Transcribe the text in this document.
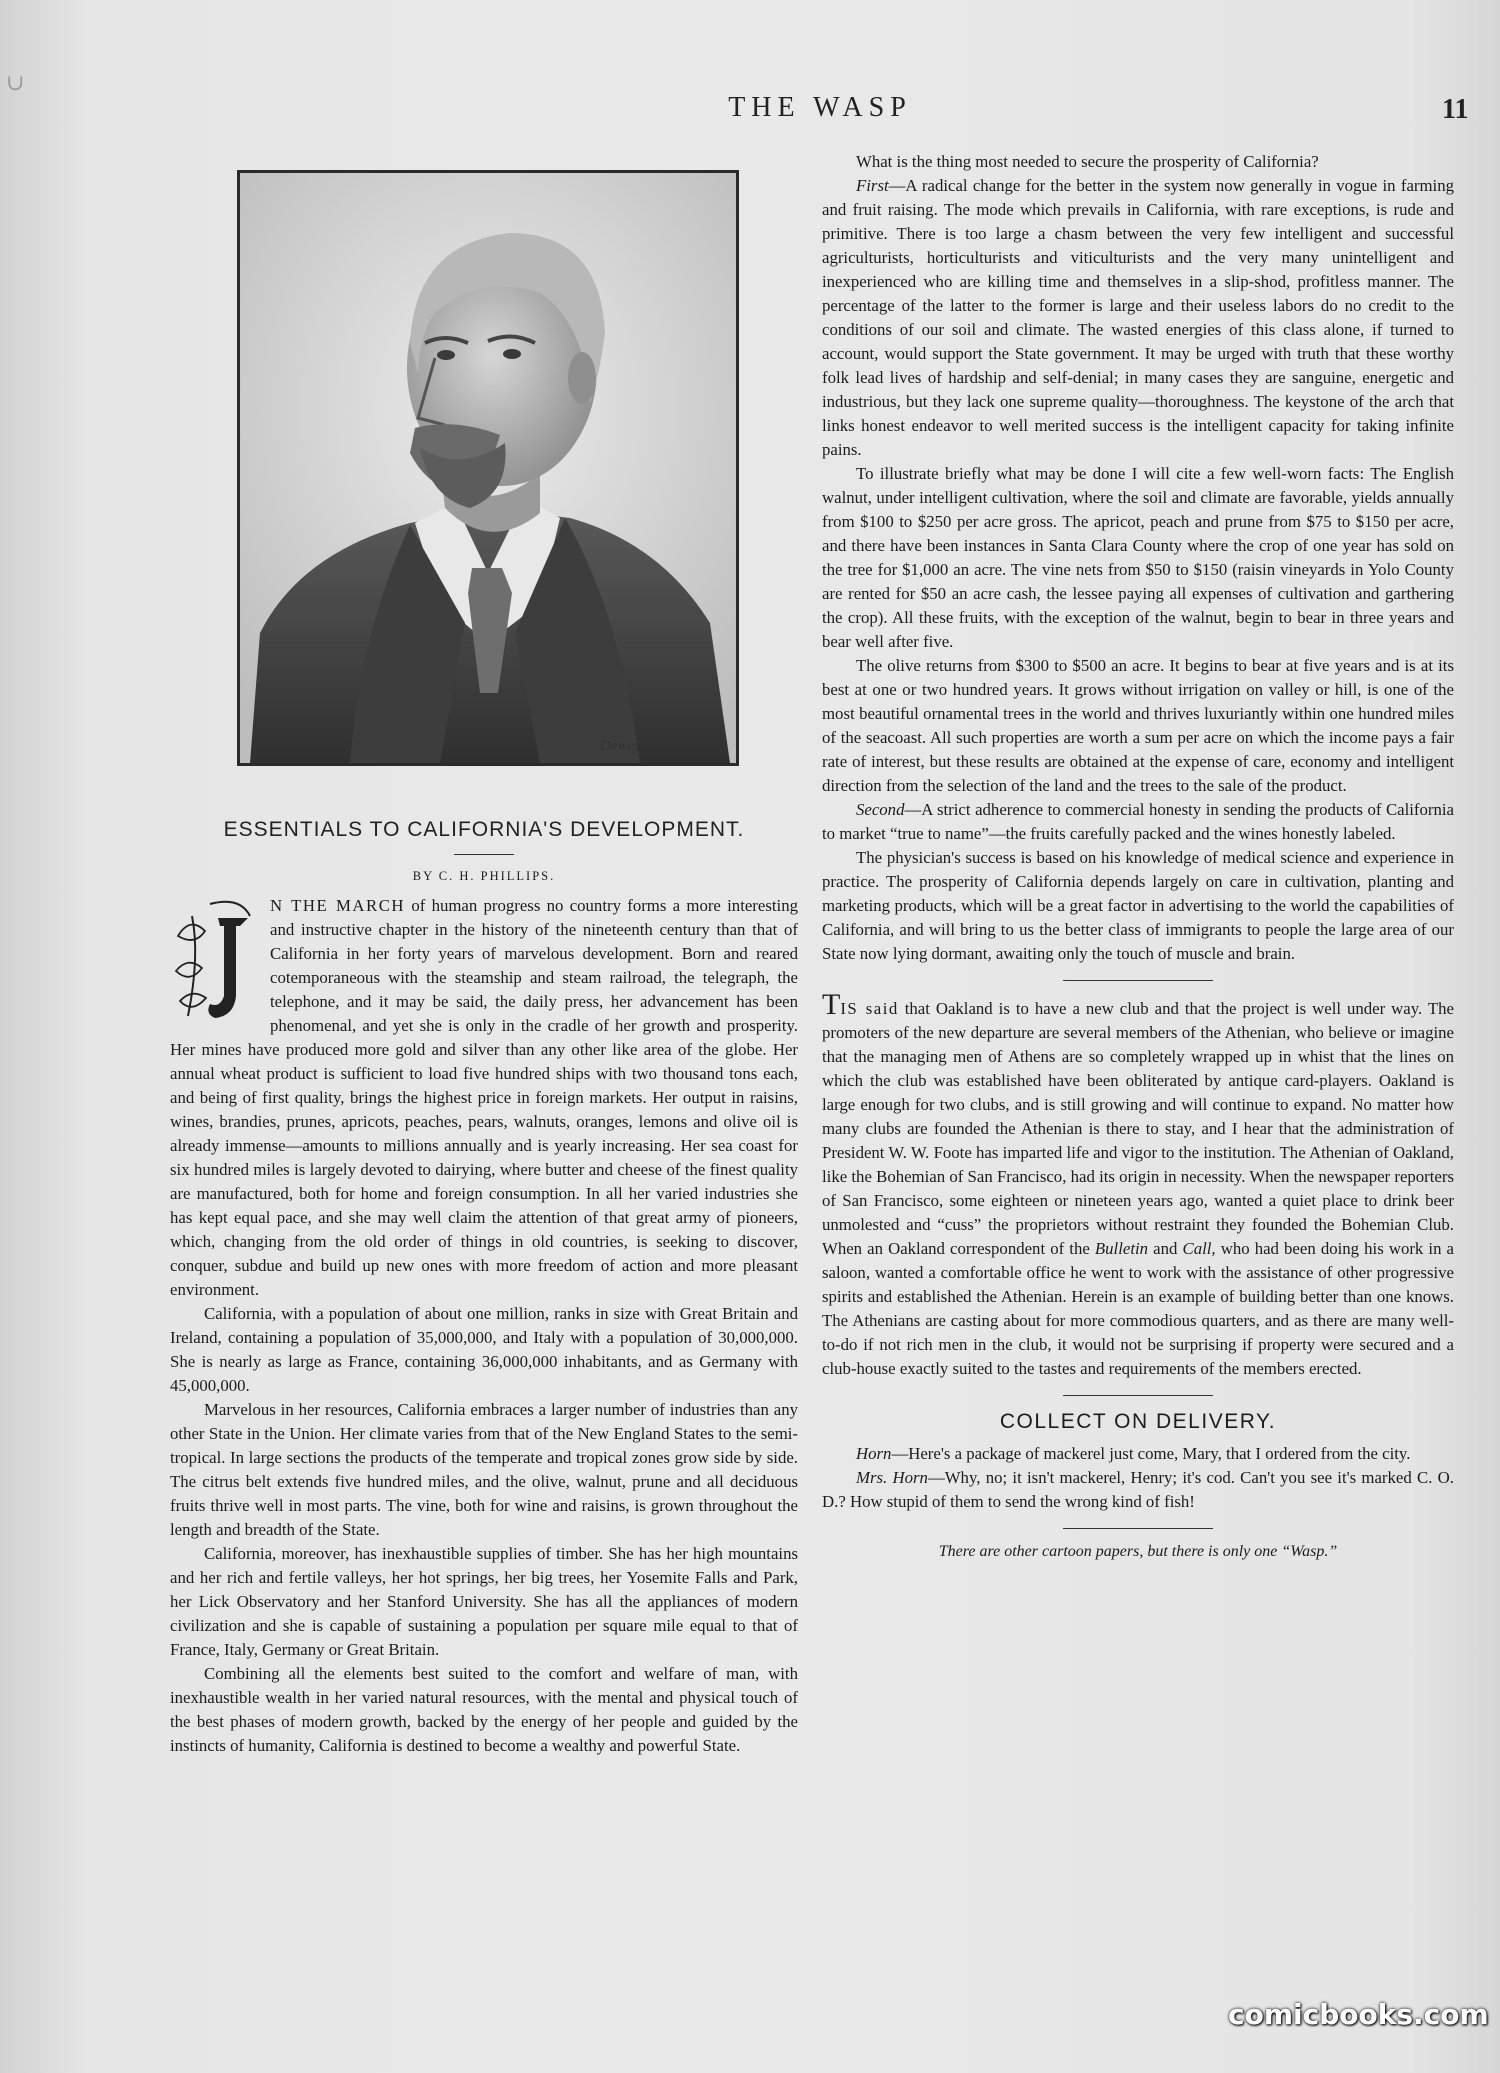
∪
THE WASP	11
Dewey Eng. Co. S.F.
ESSENTIALS TO CALIFORNIA'S DEVELOPMENT.
BY C. H. PHILLIPS.

N THE MARCH of human progress no country forms a more interesting and instructive chapter in the history of the nineteenth century than that of California in her forty years of marvelous development. Born and reared cotemporaneous with the steamship and steam railroad, the telegraph, the telephone, and it may be said, the daily press, her advancement has been phenomenal, and yet she is only in the cradle of her growth and prosperity. Her mines have produced more gold and silver than any other like area of the globe. Her annual wheat product is sufficient to load five hundred ships with two thousand tons each, and being of first quality, brings the highest price in foreign markets. Her output in raisins, wines, brandies, prunes, apricots, peaches, pears, walnuts, oranges, lemons and olive oil is already immense—amounts to millions annually and is yearly increasing. Her sea coast for six hundred miles is largely devoted to dairying, where butter and cheese of the finest quality are manufactured, both for home and foreign consumption. In all her varied industries she has kept equal pace, and she may well claim the attention of that great army of pioneers, which, changing from the old order of things in old countries, is seeking to discover, conquer, subdue and build up new ones with more freedom of action and more pleasant environment.

California, with a population of about one million, ranks in size with Great Britain and Ireland, containing a population of 35,000,000, and Italy with a population of 30,000,000. She is nearly as large as France, containing 36,000,000 inhabitants, and as Germany with 45,000,000.

Marvelous in her resources, California embraces a larger number of industries than any other State in the Union. Her climate varies from that of the New England States to the semi-tropical. In large sections the products of the temperate and tropical zones grow side by side. The citrus belt extends five hundred miles, and the olive, walnut, prune and all deciduous fruits thrive well in most parts. The vine, both for wine and raisins, is grown throughout the length and breadth of the State.

California, moreover, has inexhaustible supplies of timber. She has her high mountains and her rich and fertile valleys, her hot springs, her big trees, her Yosemite Falls and Park, her Lick Observatory and her Stanford University. She has all the appliances of modern civilization and she is capable of sustaining a population per square mile equal to that of France, Italy, Germany or Great Britain.

Combining all the elements best suited to the comfort and welfare of man, with inexhaustible wealth in her varied natural resources, with the mental and physical touch of the best phases of modern growth, backed by the energy of her people and guided by the instincts of humanity, California is destined to become a wealthy and powerful State.

What is the thing most needed to secure the prosperity of California?

First—A radical change for the better in the system now generally in vogue in farming and fruit raising. The mode which prevails in California, with rare exceptions, is rude and primitive. There is too large a chasm between the very few intelligent and successful agriculturists, horticulturists and viticulturists and the very many unintelligent and inexperienced who are killing time and themselves in a slip-shod, profitless manner. The percentage of the latter to the former is large and their useless labors do no credit to the conditions of our soil and climate. The wasted energies of this class alone, if turned to account, would support the State government. It may be urged with truth that these worthy folk lead lives of hardship and self-denial; in many cases they are sanguine, energetic and industrious, but they lack one supreme quality—thoroughness. The keystone of the arch that links honest endeavor to well merited success is the intelligent capacity for taking infinite pains.

To illustrate briefly what may be done I will cite a few well-worn facts: The English walnut, under intelligent cultivation, where the soil and climate are favorable, yields annually from $100 to $250 per acre gross. The apricot, peach and prune from $75 to $150 per acre, and there have been instances in Santa Clara County where the crop of one year has sold on the tree for $1,000 an acre. The vine nets from $50 to $150 (raisin vineyards in Yolo County are rented for $50 an acre cash, the lessee paying all expenses of cultivation and garthering the crop). All these fruits, with the exception of the walnut, begin to bear in three years and bear well after five.

The olive returns from $300 to $500 an acre. It begins to bear at five years and is at its best at one or two hundred years. It grows without irrigation on valley or hill, is one of the most beautiful ornamental trees in the world and thrives luxuriantly within one hundred miles of the seacoast. All such properties are worth a sum per acre on which the income pays a fair rate of interest, but these results are obtained at the expense of care, economy and intelligent direction from the selection of the land and the trees to the sale of the product.

Second—A strict adherence to commercial honesty in sending the products of California to market “true to name”—the fruits carefully packed and the wines honestly labeled.

The physician's success is based on his knowledge of medical science and experience in practice. The prosperity of California depends largely on care in cultivation, planting and marketing products, which will be a great factor in advertising to the world the capabilities of California, and will bring to us the better class of immigrants to people the large area of our State now lying dormant, awaiting only the touch of muscle and brain.

TIS said that Oakland is to have a new club and that the project is well under way. The promoters of the new departure are several members of the Athenian, who believe or imagine that the managing men of Athens are so completely wrapped up in whist that the lines on which the club was established have been obliterated by antique card-players. Oakland is large enough for two clubs, and is still growing and will continue to expand. No matter how many clubs are founded the Athenian is there to stay, and I hear that the administration of President W. W. Foote has imparted life and vigor to the institution. The Athenian of Oakland, like the Bohemian of San Francisco, had its origin in necessity. When the newspaper reporters of San Francisco, some eighteen or nineteen years ago, wanted a quiet place to drink beer unmolested and “cuss” the proprietors without restraint they founded the Bohemian Club. When an Oakland correspondent of the Bulletin and Call, who had been doing his work in a saloon, wanted a comfortable office he went to work with the assistance of other progressive spirits and established the Athenian. Herein is an example of building better than one knows. The Athenians are casting about for more commodious quarters, and as there are many well-to-do if not rich men in the club, it would not be surprising if property were secured and a club-house exactly suited to the tastes and requirements of the members erected.

COLLECT ON DELIVERY.

Horn—Here's a package of mackerel just come, Mary, that I ordered from the city.

Mrs. Horn—Why, no; it isn't mackerel, Henry; it's cod. Can't you see it's marked C. O. D.? How stupid of them to send the wrong kind of fish!

There are other cartoon papers, but there is only one “Wasp.”
comicbooks.com
